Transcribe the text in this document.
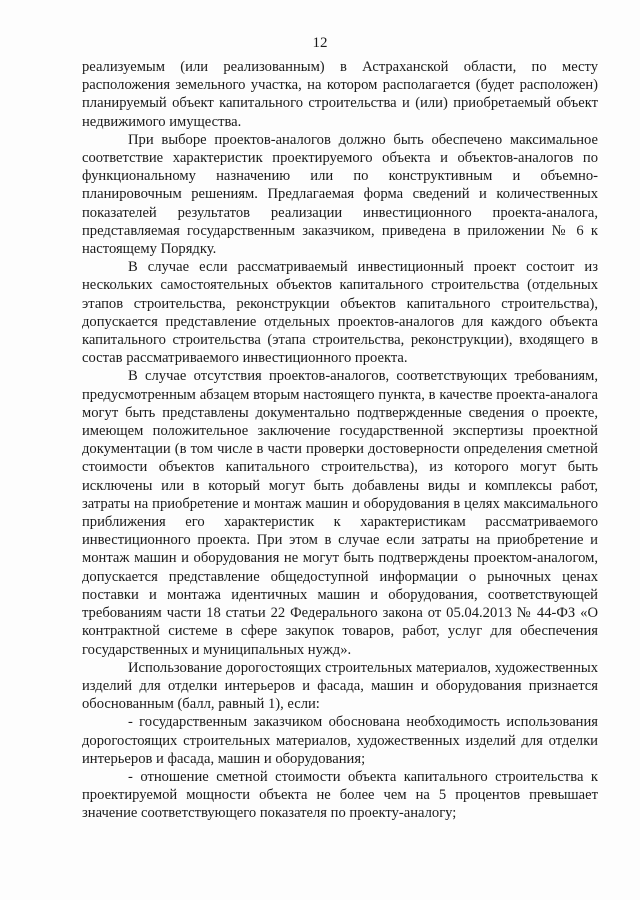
12

реализуемым (или реализованным) в Астраханской области, по месту расположения земельного участка, на котором располагается (будет расположен) планируемый объект капитального строительства и (или) приобретаемый объект недвижимого имущества.

При выборе проектов-аналогов должно быть обеспечено максимальное соответствие характеристик проектируемого объекта и объектов-аналогов по функциональному назначению или по конструктивным и объемно-планировочным решениям. Предлагаемая форма сведений и количественных показателей результатов реализации инвестиционного проекта-аналога, представляемая государственным заказчиком, приведена в приложении № 6 к настоящему Порядку.

В случае если рассматриваемый инвестиционный проект состоит из нескольких самостоятельных объектов капитального строительства (отдельных этапов строительства, реконструкции объектов капитального строительства), допускается представление отдельных проектов-аналогов для каждого объекта капитального строительства (этапа строительства, реконструкции), входящего в состав рассматриваемого инвестиционного проекта.

В случае отсутствия проектов-аналогов, соответствующих требованиям, предусмотренным абзацем вторым настоящего пункта, в качестве проекта-аналога могут быть представлены документально подтвержденные сведения о проекте, имеющем положительное заключение государственной экспертизы проектной документации (в том числе в части проверки достоверности определения сметной стоимости объектов капитального строительства), из которого могут быть исключены или в который могут быть добавлены виды и комплексы работ, затраты на приобретение и монтаж машин и оборудования в целях максимального приближения его характеристик к характеристикам рассматриваемого инвестиционного проекта. При этом в случае если затраты на приобретение и монтаж машин и оборудования не могут быть подтверждены проектом-аналогом, допускается представление общедоступной информации о рыночных ценах поставки и монтажа идентичных машин и оборудования, соответствующей требованиям части 18 статьи 22 Федерального закона от 05.04.2013 № 44-ФЗ «О контрактной системе в сфере закупок товаров, работ, услуг для обеспечения государственных и муниципальных нужд».

Использование дорогостоящих строительных материалов, художественных изделий для отделки интерьеров и фасада, машин и оборудования признается обоснованным (балл, равный 1), если:

- государственным заказчиком обоснована необходимость использования дорогостоящих строительных материалов, художественных изделий для отделки интерьеров и фасада, машин и оборудования;

- отношение сметной стоимости объекта капитального строительства к проектируемой мощности объекта не более чем на 5 процентов превышает значение соответствующего показателя по проекту-аналогу;
